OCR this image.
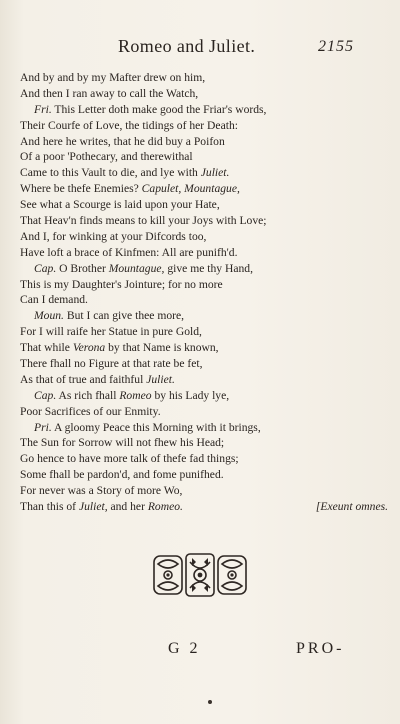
Romeo and Juliet.	2155
And by and by my Mafter drew on him,
And then I ran away to call the Watch,
Fri. This Letter doth make good the Friar's words,
Their Courfe of Love, the tidings of her Death:
And here he writes, that he did buy a Poifon
Of a poor 'Pothecary, and therewithal
Came to this Vault to die, and lye with Juliet.
Where be thefe Enemies? Capulet, Mountague,
See what a Scourge is laid upon your Hate,
That Heav'n finds means to kill your Joys with Love;
And I, for winking at your Difcords too,
Have loft a brace of Kinfmen: All are punifh'd.
Cap. O Brother Mountague, give me thy Hand,
This is my Daughter's Jointure; for no more
Can I demand.
Moun. But I can give thee more,
For I will raife her Statue in pure Gold,
That while Verona by that Name is known,
There fhall no Figure at that rate be fet,
As that of true and faithful Juliet.
Cap. As rich fhall Romeo by his Lady lye,
Poor Sacrifices of our Enmity.
Pri. A gloomy Peace this Morning with it brings,
The Sun for Sorrow will not fhew his Head;
Go hence to have more talk of thefe fad things;
Some fhall be pardon'd, and fome punifhed.
For never was a Story of more Wo,
Than this of Juliet, and her Romeo.	[Exeunt omnes.
G 2	PRO-
